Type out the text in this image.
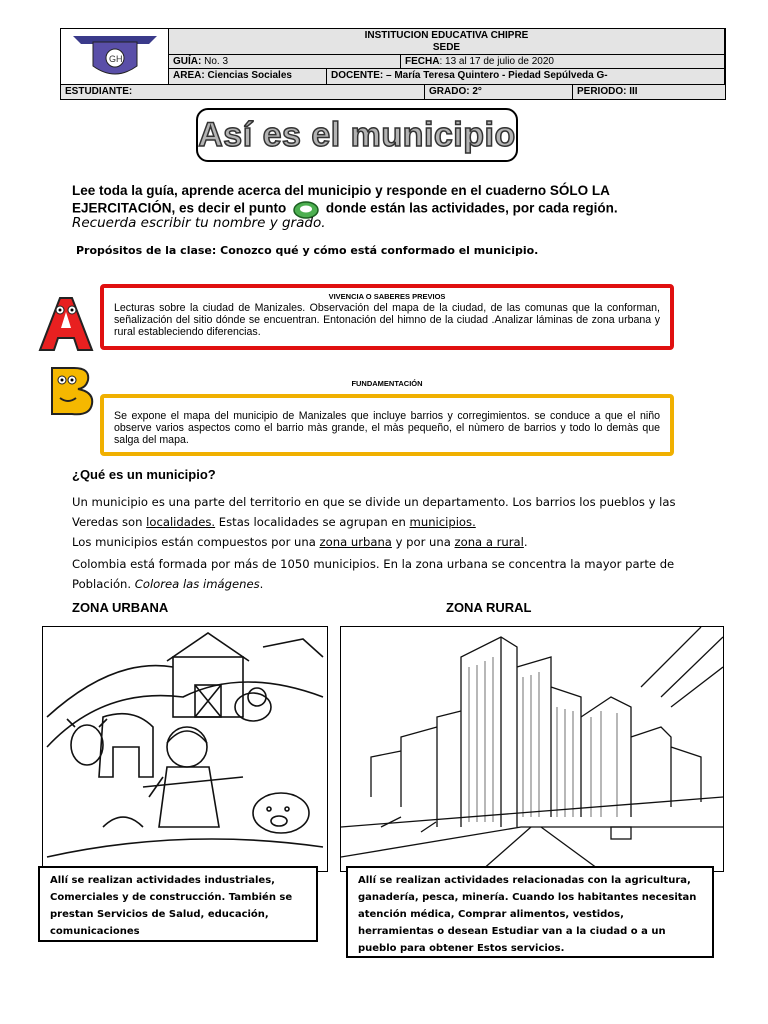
GH
INSTITUCION EDUCATIVA CHIPRE
SEDE
GUÍA: No. 3	FECHA: 13 al 17 de julio de 2020
AREA: Ciencias Sociales	DOCENTE: – María Teresa Quintero - Piedad Sepúlveda G-
ESTUDIANTE:	GRADO: 2°	PERIODO: III
Así es el municipio
Lee toda la guía, aprende acerca del municipio y responde en el cuaderno SÓLO LA
EJERCITACIÓN, es decir el punto	donde están las actividades, por cada región.
Recuerda escribir tu nombre y grado.
Propósitos de la clase: Conozco qué y cómo está conformado el municipio.
VIVENCIA O SABERES PREVIOS
Lecturas sobre la ciudad de Manizales. Observación del mapa de la ciudad, de las comunas que la conforman, señalización del sitio dónde se encuentran. Entonación del himno de la ciudad .Analizar láminas de zona urbana y rural estableciendo diferencias.
FUNDAMENTACIÓN
Se expone el mapa del municipio de Manizales que incluye barrios y corregimientos. se conduce a que el niño observe varios aspectos como el barrio màs grande, el màs pequeño, el nùmero de barrios y todo lo demàs que salga del mapa.
¿Qué es un municipio?
Un municipio es una parte del territorio en que se divide un departamento. Los barrios los pueblos y las
Veredas son localidades. Estas localidades se agrupan en municipios.
Los municipios están compuestos por una zona urbana y por una zona a rural.
Colombia está formada por más de 1050 municipios. En la zona urbana se concentra la mayor parte de
Población. Colorea las imágenes.
ZONA URBANA	ZONA RURAL
Allí se realizan actividades industriales, Comerciales y de construcción. También se prestan Servicios de Salud, educación, comunicaciones
Allí se realizan actividades relacionadas con la agricultura, ganadería, pesca, minería. Cuando los habitantes necesitan atención médica, Comprar alimentos, vestidos, herramientas o desean Estudiar van a la ciudad o a un pueblo para obtener Estos servicios.
